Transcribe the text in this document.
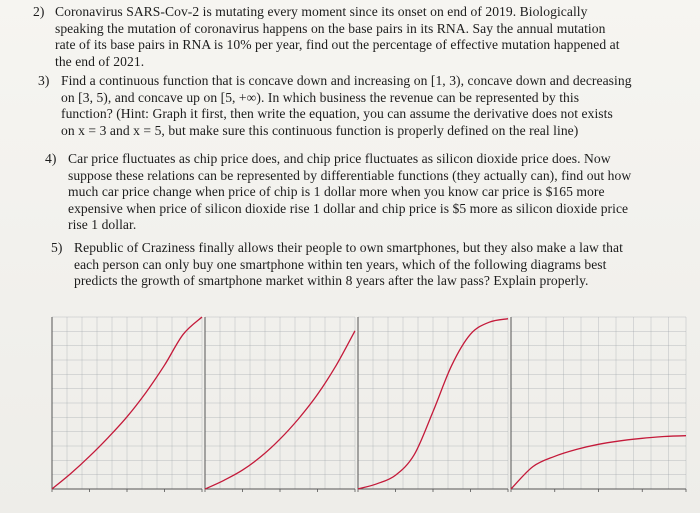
2) Coronavirus SARS-Cov-2 is mutating every moment since its onset on end of 2019. Biologically
speaking the mutation of coronavirus happens on the base pairs in its RNA. Say the annual mutation
rate of its base pairs in RNA is 10% per year, find out the percentage of effective mutation happened at
the end of 2021.
3) Find a continuous function that is concave down and increasing on [1, 3), concave down and decreasing
on [3, 5), and concave up on [5, +∞). In which business the revenue can be represented by this
function? (Hint: Graph it first, then write the equation, you can assume the derivative does not exists
on x = 3 and x = 5, but make sure this continuous function is properly defined on the real line)
4) Car price fluctuates as chip price does, and chip price fluctuates as silicon dioxide price does. Now
suppose these relations can be represented by differentiable functions (they actually can), find out how
much car price change when price of chip is 1 dollar more when you know car price is $165 more
expensive when price of silicon dioxide rise 1 dollar and chip price is $5 more as silicon dioxide price
rise 1 dollar.
5) Republic of Craziness finally allows their people to own smartphones, but they also make a law that
each person can only buy one smartphone within ten years, which of the following diagrams best
predicts the growth of smartphone market within 8 years after the law pass? Explain properly.
